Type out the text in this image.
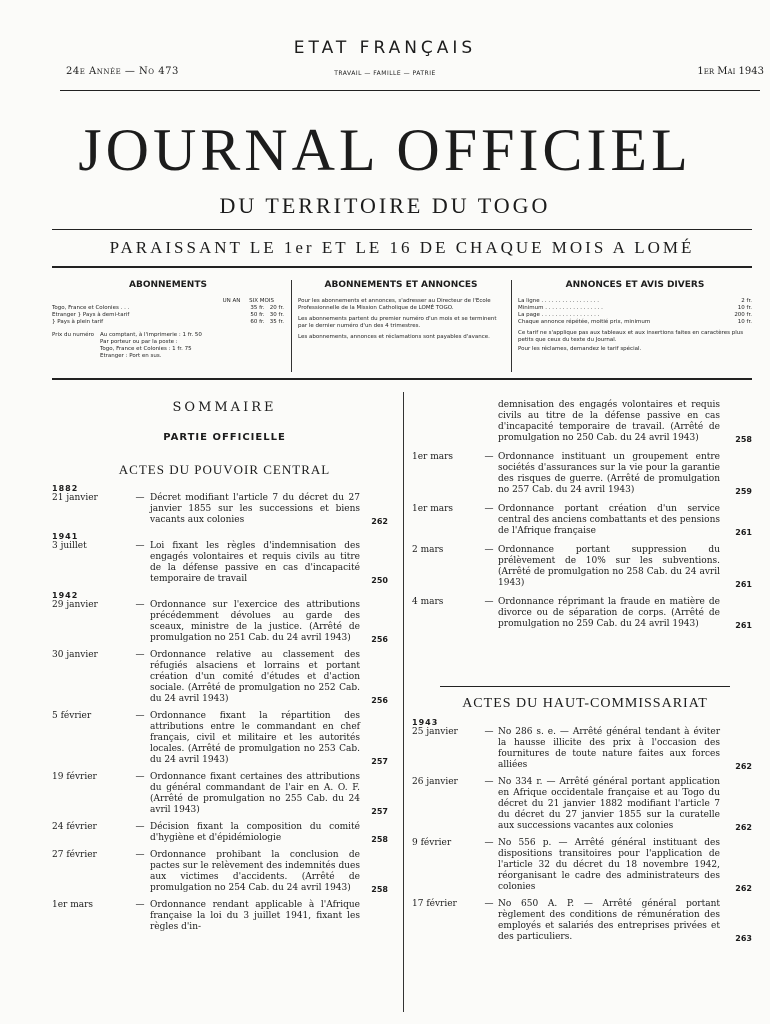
ETAT FRANÇAIS
24e Année — No 473	TRAVAIL — FAMILLE — PATRIE	1er Mai 1943
JOURNAL OFFICIEL
DU TERRITOIRE DU TOGO
PARAISSANT LE 1er ET LE 16 DE CHAQUE MOIS A LOMÉ
ABONNEMENTS
UN AN SIX MOIS
Togo, France et Colonies . . .	35 fr. 20 fr.
Etranger } Pays à demi-tarif	50 fr. 30 fr.
} Pays à plein tarif	60 fr. 35 fr.
Prix du numéro	Au comptant, à l'imprimerie : 1 fr. 50
Par porteur ou par la poste :
Togo, France et Colonies : 1 fr. 75
Etranger : Port en sus.
ABONNEMENTS ET ANNONCES
Pour les abonnements et annonces, s'adresser au Directeur de l'Ecole Professionnelle de la Mission Catholique de LOMÉ TOGO.
Les abonnements partent du premier numéro d'un mois et se terminent par le dernier numéro d'un des 4 trimestres.
Les abonnements, annonces et réclamations sont payables d'avance.
ANNONCES ET AVIS DIVERS
La ligne . . . . . . . . . . . . . . . . .	2 fr.
Minimum . . . . . . . . . . . . . . . . .	10 fr.
La page . . . . . . . . . . . . . . . . .	200 fr.
Chaque annonce répétée, moitié prix, minimum	10 fr.
Ce tarif ne s'applique pas aux tableaux et aux insertions faites en caractères plus petits que ceux du texte du Journal.
Pour les réclames, demandez le tarif spécial.
SOMMAIRE
PARTIE OFFICIELLE
ACTES DU POUVOIR CENTRAL
ACTES DU HAUT-COMMISSARIAT
1882
21 janvier	— Décret modifiant l'article 7 du décret du 27 janvier 1855 sur les successions et biens vacants aux colonies	262
1941
3 juillet	— Loi fixant les règles d'indemnisation des engagés volontaires et requis civils au titre de la défense passive en cas d'incapacité temporaire de travail	250
1942
29 janvier	— Ordonnance sur l'exercice des attributions précédemment dévolues au garde des sceaux, ministre de la justice. (Arrêté de promulgation no 251 Cab. du 24 avril 1943)	256
30 janvier	— Ordonnance relative au classement des réfugiés alsaciens et lorrains et portant création d'un comité d'études et d'action sociale. (Arrêté de promulgation no 252 Cab. du 24 avril 1943)	256
5 février	— Ordonnance fixant la répartition des attributions entre le commandant en chef français, civil et militaire et les autorités locales. (Arrêté de promulgation no 253 Cab. du 24 avril 1943)	257
19 février	— Ordonnance fixant certaines des attributions du général commandant de l'air en A. O. F. (Arrêté de promulgation no 255 Cab. du 24 avril 1943)	257
24 février	— Décision fixant la composition du comité d'hygiène et d'épidémiologie	258
27 février	— Ordonnance prohibant la conclusion de pactes sur le relèvement des indemnités dues aux victimes d'accidents. (Arrêté de promulgation no 254 Cab. du 24 avril 1943)	258
1er mars	— Ordonnance rendant applicable à l'Afrique française la loi du 3 juillet 1941, fixant les règles d'in-
demnisation des engagés volontaires et requis civils au titre de la défense passive en cas d'incapacité temporaire de travail. (Arrêté de promulgation no 250 Cab. du 24 avril 1943)	258
1er mars	— Ordonnance instituant un groupement entre sociétés d'assurances sur la vie pour la garantie des risques de guerre. (Arrêté de promulgation no 257 Cab. du 24 avril 1943)	259
1er mars	— Ordonnance portant création d'un service central des anciens combattants et des pensions de l'Afrique française	261
2 mars	— Ordonnance portant suppression du prélèvement de 10% sur les subventions. (Arrêté de promulgation no 258 Cab. du 24 avril 1943)	261
4 mars	— Ordonnance réprimant la fraude en matière de divorce ou de séparation de corps. (Arrêté de promulgation no 259 Cab. du 24 avril 1943)	261
1943
25 janvier	— No 286 s. e. — Arrêté général tendant à éviter la hausse illicite des prix à l'occasion des fournitures de toute nature faites aux forces alliées	262
26 janvier	— No 334 r. — Arrêté général portant application en Afrique occidentale française et au Togo du décret du 21 janvier 1882 modifiant l'article 7 du décret du 27 janvier 1855 sur la curatelle aux successions vacantes aux colonies	262
9 février	— No 556 p. — Arrêté général instituant des dispositions transitoires pour l'application de l'article 32 du décret du 18 novembre 1942, réorganisant le cadre des administrateurs des colonies	262
17 février	— No 650 A. P. — Arrêté général portant règlement des conditions de rémunération des employés et salariés des entreprises privées et des particuliers.	263
